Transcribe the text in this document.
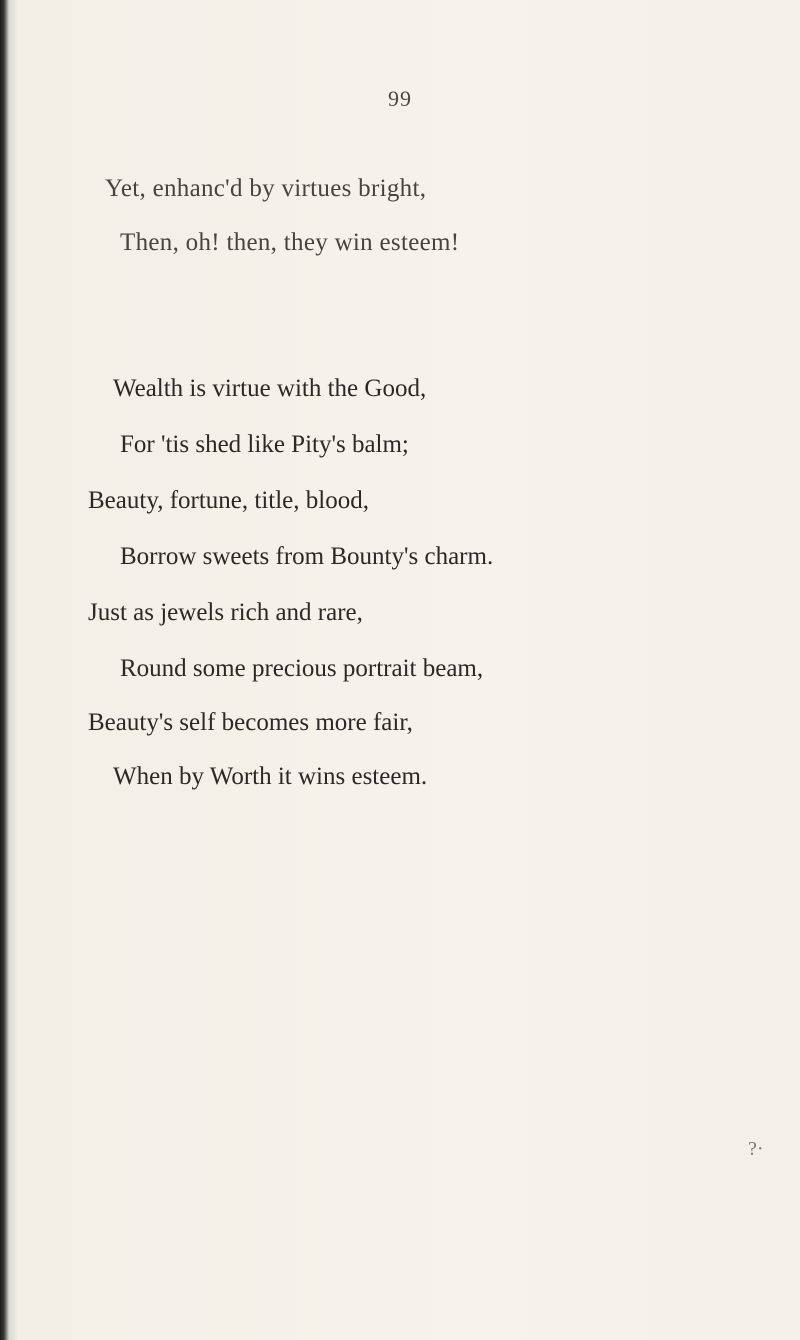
99
Yet, enhanc'd by virtues bright,
Then, oh! then, they win esteem!
Wealth is virtue with the Good,
For 'tis shed like Pity's balm;
Beauty, fortune, title, blood,
Borrow sweets from Bounty's charm.
Just as jewels rich and rare,
Round some precious portrait beam,
Beauty's self becomes more fair,
When by Worth it wins esteem.
?·
